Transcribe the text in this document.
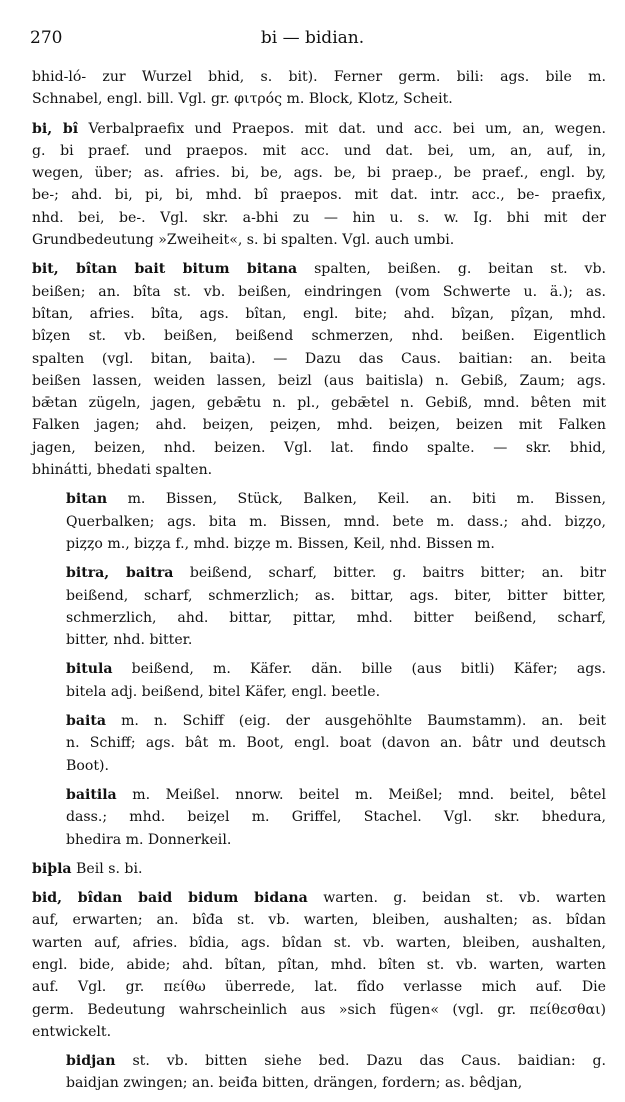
270	bi — bidian.
bhid-ló- zur Wurzel bhid, s. bit). Ferner germ. bili: ags. bile m.
Schnabel, engl. bill. Vgl. gr. φιτρός m. Block, Klotz, Scheit.
bi, bî Verbalpraefix und Praepos. mit dat. und acc. bei um, an, wegen.
g. bi praef. und praepos. mit acc. und dat. bei, um, an, auf, in,
wegen, über; as. afries. bi, be, ags. be, bi praep., be praef., engl. by,
be-; ahd. bi, pi, bi, mhd. bî praepos. mit dat. intr. acc., be- praefix,
nhd. bei, be-. Vgl. skr. a-bhi zu — hin u. s. w. Ig. bhi mit der
Grundbedeutung »Zweiheit«, s. bi spalten. Vgl. auch umbi.
bit, bîtan bait bitum bitana spalten, beißen. g. beitan st. vb.
beißen; an. bîta st. vb. beißen, eindringen (vom Schwerte u. ä.); as.
bîtan, afries. bîta, ags. bîtan, engl. bite; ahd. bîȥan, pîȥan, mhd.
bîȥen st. vb. beißen, beißend schmerzen, nhd. beißen. Eigentlich
spalten (vgl. bitan, baita). — Dazu das Caus. baitian: an. beita
beißen lassen, weiden lassen, beizl (aus baitisla) n. Gebiß, Zaum; ags.
bǣtan zügeln, jagen, gebǣtu n. pl., gebǣtel n. Gebiß, mnd. bêten mit
Falken jagen; ahd. beiȥen, peiȥen, mhd. beiȥen, beizen mit Falken
jagen, beizen, nhd. beizen. Vgl. lat. findo spalte. — skr. bhid,
bhinátti, bhedati spalten.
bitan m. Bissen, Stück, Balken, Keil. an. biti m. Bissen,
Querbalken; ags. bita m. Bissen, mnd. bete m. dass.; ahd. biȥȥo,
piȥȥo m., biȥȥa f., mhd. biȥȥe m. Bissen, Keil, nhd. Bissen m.
bitra, baitra beißend, scharf, bitter. g. baitrs bitter; an. bitr
beißend, scharf, schmerzlich; as. bittar, ags. biter, bitter bitter,
schmerzlich, ahd. bittar, pittar, mhd. bitter beißend, scharf,
bitter, nhd. bitter.
bitula beißend, m. Käfer. dän. bille (aus bitli) Käfer; ags.
bitela adj. beißend, bitel Käfer, engl. beetle.
baita m. n. Schiff (eig. der ausgehöhlte Baumstamm). an. beit
n. Schiff; ags. bât m. Boot, engl. boat (davon an. bâtr und deutsch
Boot).
baitila m. Meißel. nnorw. beitel m. Meißel; mnd. beitel, bêtel
dass.; mhd. beiȥel m. Griffel, Stachel. Vgl. skr. bhedura,
bhedira m. Donnerkeil.
biþla Beil s. bi.
bid, bîdan baid bidum bidana warten. g. beidan st. vb. warten
auf, erwarten; an. bîđa st. vb. warten, bleiben, aushalten; as. bîdan
warten auf, afries. bîdia, ags. bîdan st. vb. warten, bleiben, aushalten,
engl. bide, abide; ahd. bîtan, pîtan, mhd. bîten st. vb. warten, warten
auf. Vgl. gr. πείθω überrede, lat. fîdo verlasse mich auf. Die
germ. Bedeutung wahrscheinlich aus »sich fügen« (vgl. gr. πείθεσθαι)
entwickelt.
bidjan st. vb. bitten siehe bed. Dazu das Caus. baidian: g.
baidjan zwingen; an. beiđa bitten, drängen, fordern; as. bêdjan,
